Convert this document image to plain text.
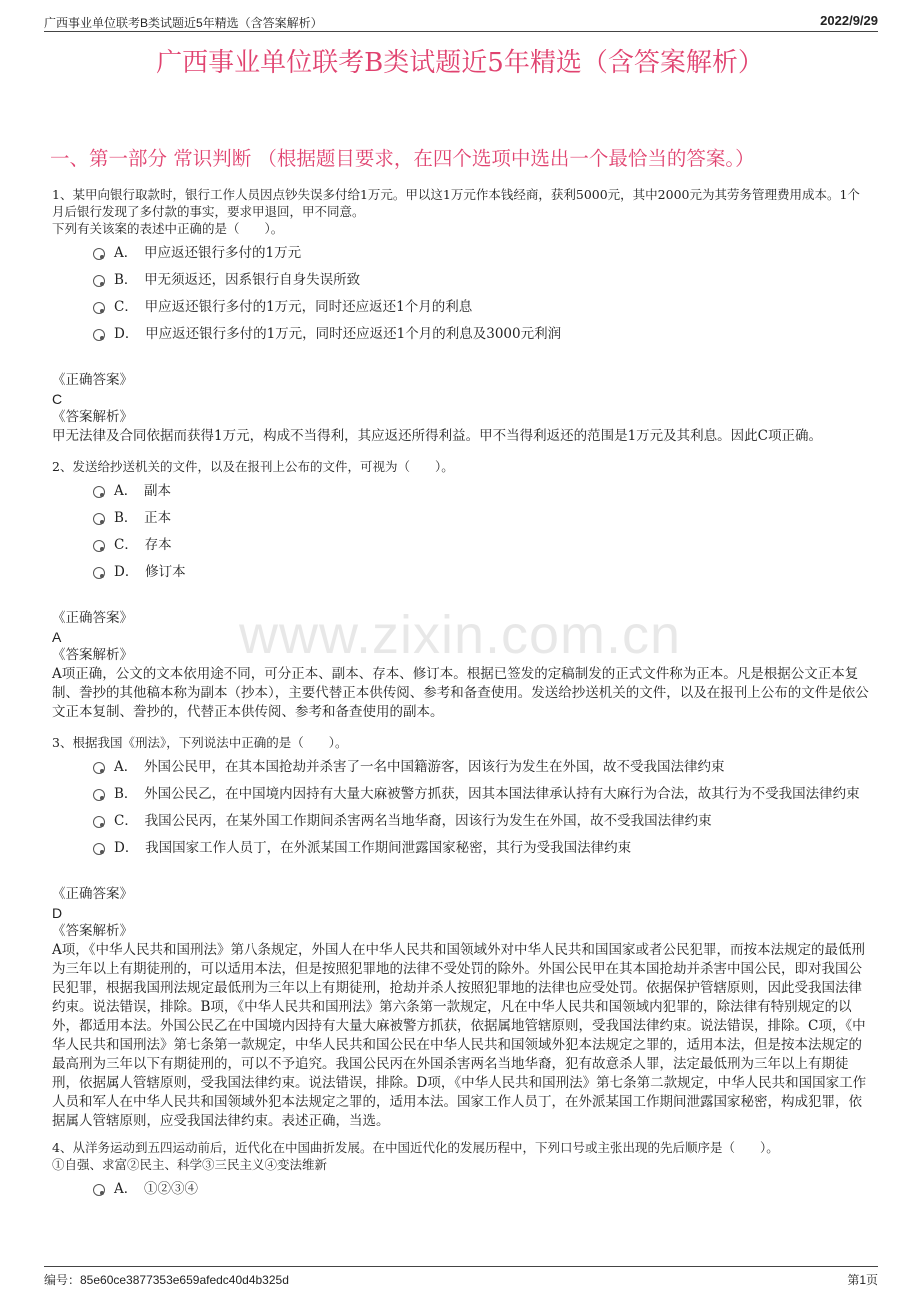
广西事业单位联考B类试题近5年精选（含答案解析）	2022/9/29
广西事业单位联考B类试题近5年精选（含答案解析）
一、第一部分 常识判断 （根据题目要求，在四个选项中选出一个最恰当的答案。）
www.zixin.com.cn
1、某甲向银行取款时，银行工作人员因点钞失误多付给1万元。甲以这1万元作本钱经商，获利5000元，其中2000元为其劳务管理费用成本。1个月后银行发现了多付款的事实，要求甲退回，甲不同意。
下列有关该案的表述中正确的是（　　）。
A．　甲应返还银行多付的1万元
B．　甲无须返还，因系银行自身失误所致
C．　甲应返还银行多付的1万元，同时还应返还1个月的利息
D．　甲应返还银行多付的1万元，同时还应返还1个月的利息及3000元利润
《正确答案》
C
《答案解析》
甲无法律及合同依据而获得1万元，构成不当得利，其应返还所得利益。甲不当得利返还的范围是1万元及其利息。因此C项正确。
2、发送给抄送机关的文件，以及在报刊上公布的文件，可视为（　　）。
A．　副本
B．　正本
C．　存本
D．　修订本
《正确答案》
A
《答案解析》
A项正确，公文的文本依用途不同，可分正本、副本、存本、修订本。根据已签发的定稿制发的正式文件称为正本。凡是根据公文正本复制、誊抄的其他稿本称为副本（抄本），主要代替正本供传阅、参考和备查使用。发送给抄送机关的文件，以及在报刊上公布的文件是依公文正本复制、誊抄的，代替正本供传阅、参考和备查使用的副本。
3、根据我国《刑法》，下列说法中正确的是（　　）。
A．　外国公民甲，在其本国抢劫并杀害了一名中国籍游客，因该行为发生在外国，故不受我国法律约束
B．　外国公民乙，在中国境内因持有大量大麻被警方抓获，因其本国法律承认持有大麻行为合法，故其行为不受我国法律约束
C．　我国公民丙，在某外国工作期间杀害两名当地华裔，因该行为发生在外国，故不受我国法律约束
D．　我国国家工作人员丁，在外派某国工作期间泄露国家秘密，其行为受我国法律约束
《正确答案》
D
《答案解析》
A项，《中华人民共和国刑法》第八条规定，外国人在中华人民共和国领域外对中华人民共和国国家或者公民犯罪，而按本法规定的最低刑为三年以上有期徒刑的，可以适用本法，但是按照犯罪地的法律不受处罚的除外。外国公民甲在其本国抢劫并杀害中国公民，即对我国公民犯罪，根据我国刑法规定最低刑为三年以上有期徒刑，抢劫并杀人按照犯罪地的法律也应受处罚。依据保护管辖原则，因此受我国法律约束。说法错误，排除。B项，《中华人民共和国刑法》第六条第一款规定，凡在中华人民共和国领域内犯罪的，除法律有特别规定的以外，都适用本法。外国公民乙在中国境内因持有大量大麻被警方抓获，依据属地管辖原则，受我国法律约束。说法错误，排除。C项，《中华人民共和国刑法》第七条第一款规定，中华人民共和国公民在中华人民共和国领域外犯本法规定之罪的，适用本法，但是按本法规定的最高刑为三年以下有期徒刑的，可以不予追究。我国公民丙在外国杀害两名当地华裔，犯有故意杀人罪，法定最低刑为三年以上有期徒刑，依据属人管辖原则，受我国法律约束。说法错误，排除。D项，《中华人民共和国刑法》第七条第二款规定，中华人民共和国国家工作人员和军人在中华人民共和国领域外犯本法规定之罪的，适用本法。国家工作人员丁，在外派某国工作期间泄露国家秘密，构成犯罪，依据属人管辖原则，应受我国法律约束。表述正确，当选。
4、从洋务运动到五四运动前后，近代化在中国曲折发展。在中国近代化的发展历程中，下列口号或主张出现的先后顺序是（　　）。
①自强、求富②民主、科学③三民主义④变法维新
A．　①②③④
编号：85e60ce3877353e659afedc40d4b325d	第1页
